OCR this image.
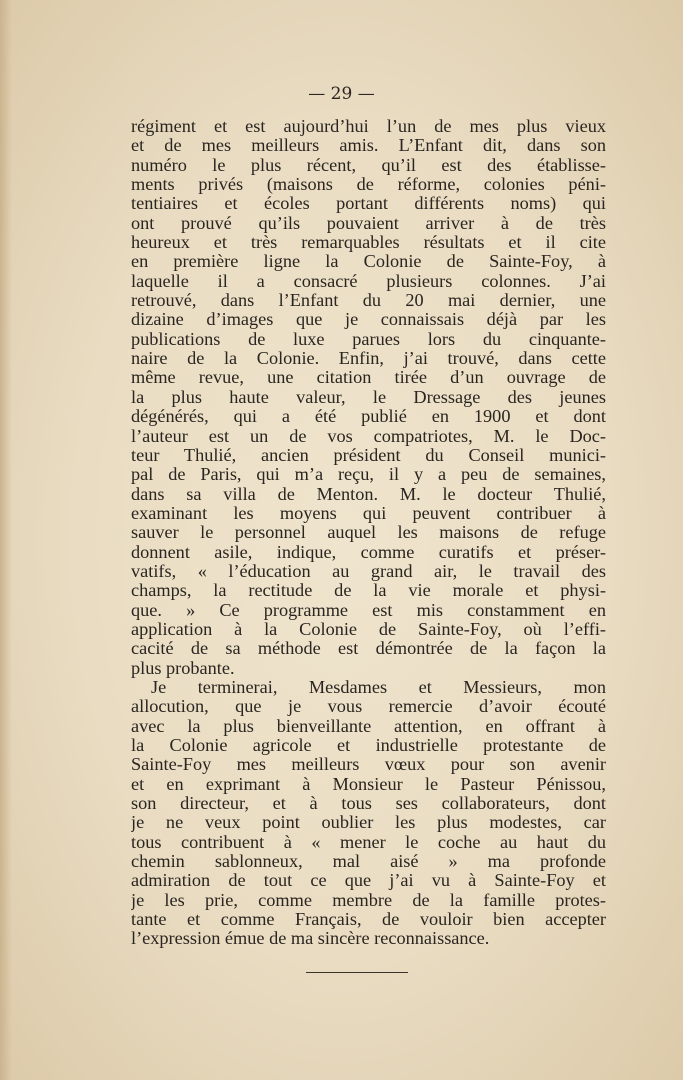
— 29 —
régiment et est aujourd’hui l’un de mes plus vieux
et de mes meilleurs amis. L’Enfant dit, dans son
numéro le plus récent, qu’il est des établisse-
ments privés (maisons de réforme, colonies péni-
tentiaires et écoles portant différents noms) qui
ont prouvé qu’ils pouvaient arriver à de très
heureux et très remarquables résultats et il cite
en première ligne la Colonie de Sainte-Foy, à
laquelle il a consacré plusieurs colonnes. J’ai
retrouvé, dans l’Enfant du 20 mai dernier, une
dizaine d’images que je connaissais déjà par les
publications de luxe parues lors du cinquante-
naire de la Colonie. Enfin, j’ai trouvé, dans cette
même revue, une citation tirée d’un ouvrage de
la plus haute valeur, le Dressage des jeunes
dégénérés, qui a été publié en 1900 et dont
l’auteur est un de vos compatriotes, M. le Doc-
teur Thulié, ancien président du Conseil munici-
pal de Paris, qui m’a reçu, il y a peu de semaines,
dans sa villa de Menton. M. le docteur Thulié,
examinant les moyens qui peuvent contribuer à
sauver le personnel auquel les maisons de refuge
donnent asile, indique, comme curatifs et préser-
vatifs, « l’éducation au grand air, le travail des
champs, la rectitude de la vie morale et physi-
que. » Ce programme est mis constamment en
application à la Colonie de Sainte-Foy, où l’effi-
cacité de sa méthode est démontrée de la façon la
plus probante.
Je terminerai, Mesdames et Messieurs, mon
allocution, que je vous remercie d’avoir écouté
avec la plus bienveillante attention, en offrant à
la Colonie agricole et industrielle protestante de
Sainte-Foy mes meilleurs vœux pour son avenir
et en exprimant à Monsieur le Pasteur Pénissou,
son directeur, et à tous ses collaborateurs, dont
je ne veux point oublier les plus modestes, car
tous contribuent à « mener le coche au haut du
chemin sablonneux, mal aisé » ma profonde
admiration de tout ce que j’ai vu à Sainte-Foy et
je les prie, comme membre de la famille protes-
tante et comme Français, de vouloir bien accepter
l’expression émue de ma sincère reconnaissance.
